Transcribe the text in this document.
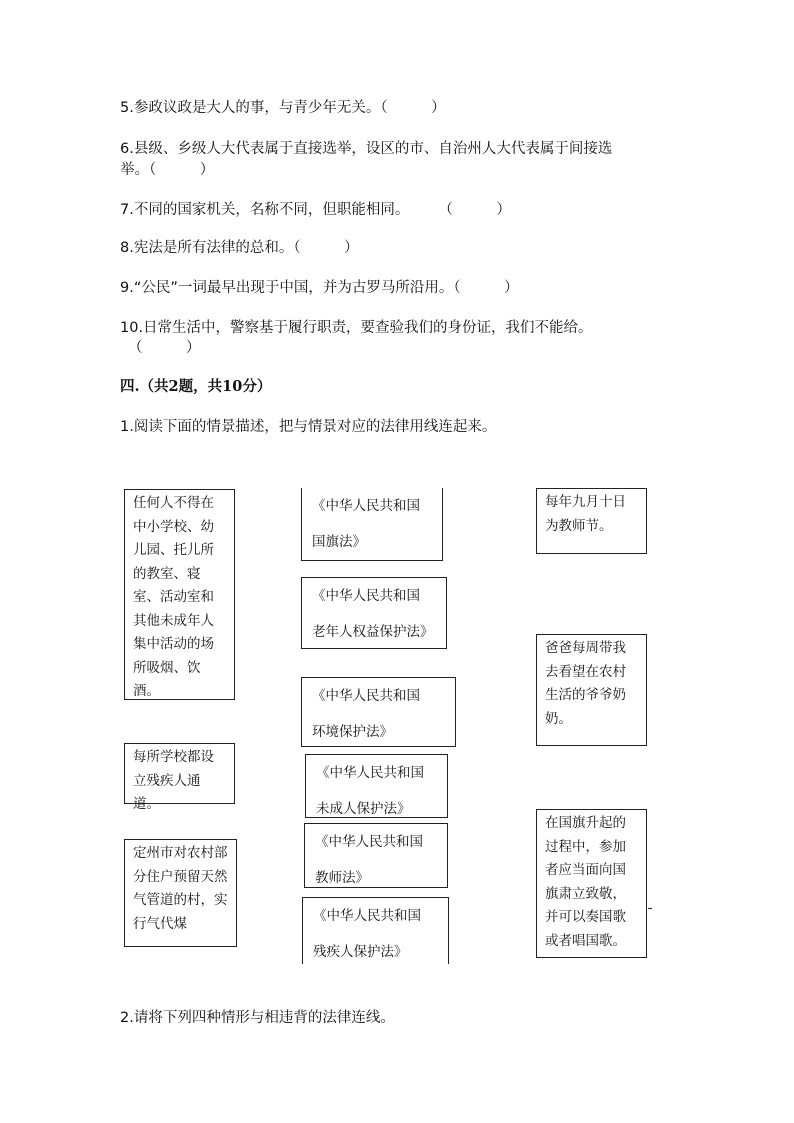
5.参政议政是大人的事，与青少年无关。（　　　）
6.县级、乡级人大代表属于直接选举，设区的市、自治州人大代表属于间接选
举。（　　　）
7.不同的国家机关，名称不同，但职能相同。　　　（　　　）
8.宪法是所有法律的总和。（　　　）
9.“公民”一词最早出现于中国，并为古罗马所沿用。（　　　）
10.日常生活中，警察基于履行职责，要查验我们的身份证，我们不能给。
（　　　）
四.（共2题，共10分）
1.阅读下面的情景描述，把与情景对应的法律用线连起来。
任何人不得在中小学校、幼儿园、托儿所的教室、寝室、活动室和其他未成年人集中活动的场所吸烟、饮酒。
每所学校都设立残疾人通道。
定州市对农村部分住户预留天然气管道的村，实行气代煤
《中华人民共和国
国旗法》
《中华人民共和国
老年人权益保护法》
《中华人民共和国
环境保护法》
《中华人民共和国
未成人保护法》
《中华人民共和国
教师法》
《中华人民共和国
残疾人保护法》
每年九月十日为教师节。
爸爸每周带我去看望在农村生活的爷爷奶奶。
在国旗升起的过程中，参加者应当面向国旗肃立致敬，并可以奏国歌或者唱国歌。
2.请将下列四种情形与相违背的法律连线。
